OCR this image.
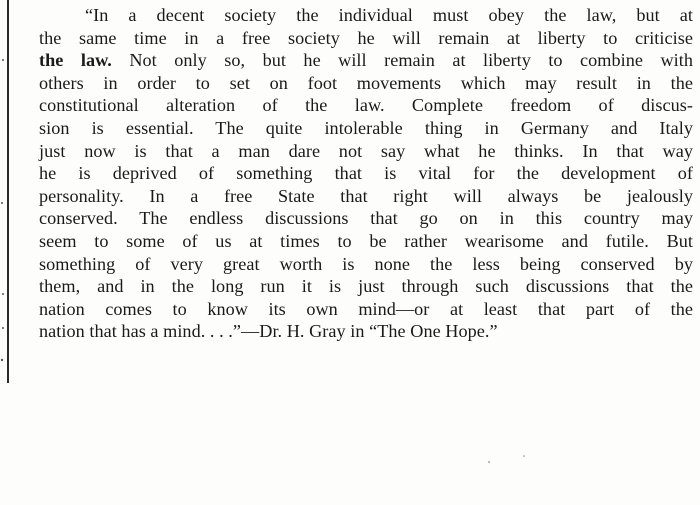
“In a decent society the individual must obey the law, but at
the same time in a free society he will remain at liberty to criticise
the law. Not only so, but he will remain at liberty to combine with
others in order to set on foot movements which may result in the
constitutional alteration of the law. Complete freedom of discus-
sion is essential. The quite intolerable thing in Germany and Italy
just now is that a man dare not say what he thinks. In that way
he is deprived of something that is vital for the development of
personality. In a free State that right will always be jealously
conserved. The endless discussions that go on in this country may
seem to some of us at times to be rather wearisome and futile. But
something of very great worth is none the less being conserved by
them, and in the long run it is just through such discussions that the
nation comes to know its own mind—or at least that part of the
nation that has a mind. . . .”—Dr. H. Gray in “The One Hope.”
